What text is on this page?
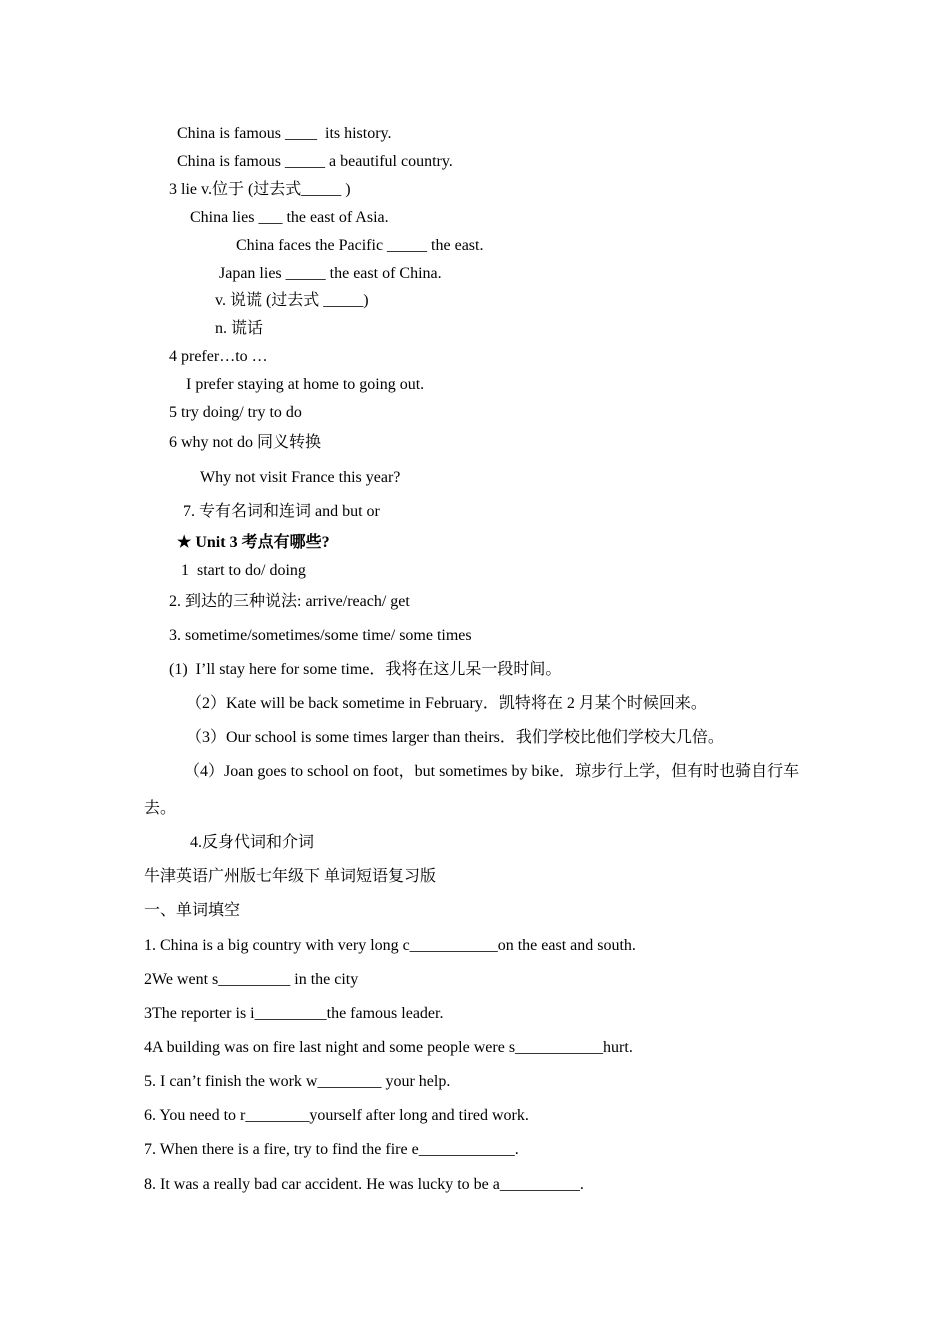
China is famous ____  its history.
China is famous _____ a beautiful country.
3 lie v.位于 (过去式_____ )
China lies ___ the east of Asia.
China faces the Pacific _____ the east.
Japan lies _____ the east of China.
v. 说谎 (过去式 _____)
n. 谎话
4 prefer…to …
I prefer staying at home to going out.
5 try doing/ try to do
6 why not do 同义转换
Why not visit France this year?
7. 专有名词和连词 and but or
★ Unit 3 考点有哪些?
1  start to do/ doing
2. 到达的三种说法: arrive/reach/ get
3. sometime/sometimes/some time/ some times
(1)  I’ll stay here for some time．我将在这儿呆一段时间。
（2）Kate will be back sometime in February．凯特将在 2 月某个时候回来。
（3）Our school is some times larger than theirs．我们学校比他们学校大几倍。
（4）Joan goes to school on foot，but sometimes by bike．琼步行上学，但有时也骑自行车
去。
4.反身代词和介词
牛津英语广州版七年级下 单词短语复习版
一、单词填空
1. China is a big country with very long c___________on the east and south.
2We went s_________ in the city
3The reporter is i_________the famous leader.
4A building was on fire last night and some people were s___________hurt.
5. I can’t finish the work w________ your help.
6. You need to r________yourself after long and tired work.
7. When there is a fire, try to find the fire e____________.
8. It was a really bad car accident. He was lucky to be a__________.
